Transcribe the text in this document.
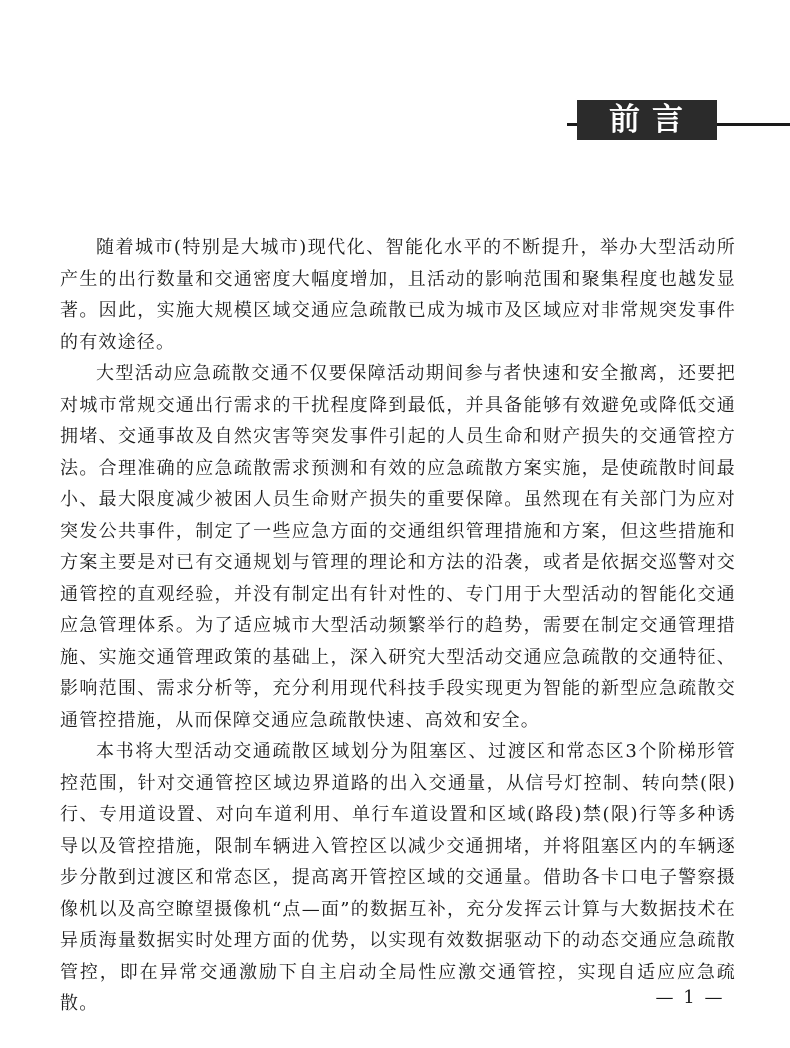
前言

随着城市(特别是大城市)现代化、智能化水平的不断提升，举办大型活动所产生的出行数量和交通密度大幅度增加，且活动的影响范围和聚集程度也越发显著。因此，实施大规模区域交通应急疏散已成为城市及区域应对非常规突发事件的有效途径。

大型活动应急疏散交通不仅要保障活动期间参与者快速和安全撤离，还要把对城市常规交通出行需求的干扰程度降到最低，并具备能够有效避免或降低交通拥堵、交通事故及自然灾害等突发事件引起的人员生命和财产损失的交通管控方法。合理准确的应急疏散需求预测和有效的应急疏散方案实施，是使疏散时间最小、最大限度减少被困人员生命财产损失的重要保障。虽然现在有关部门为应对突发公共事件，制定了一些应急方面的交通组织管理措施和方案，但这些措施和方案主要是对已有交通规划与管理的理论和方法的沿袭，或者是依据交巡警对交通管控的直观经验，并没有制定出有针对性的、专门用于大型活动的智能化交通应急管理体系。为了适应城市大型活动频繁举行的趋势，需要在制定交通管理措施、实施交通管理政策的基础上，深入研究大型活动交通应急疏散的交通特征、影响范围、需求分析等，充分利用现代科技手段实现更为智能的新型应急疏散交通管控措施，从而保障交通应急疏散快速、高效和安全。

本书将大型活动交通疏散区域划分为阻塞区、过渡区和常态区3个阶梯形管控范围，针对交通管控区域边界道路的出入交通量，从信号灯控制、转向禁(限)行、专用道设置、对向车道利用、单行车道设置和区域(路段)禁(限)行等多种诱导以及管控措施，限制车辆进入管控区以减少交通拥堵，并将阻塞区内的车辆逐步分散到过渡区和常态区，提高离开管控区域的交通量。借助各卡口电子警察摄像机以及高空瞭望摄像机“点—面”的数据互补，充分发挥云计算与大数据技术在异质海量数据实时处理方面的优势，以实现有效数据驱动下的动态交通应急疏散管控，即在异常交通激励下自主启动全局性应激交通管控，实现自适应应急疏散。	— 1 —
